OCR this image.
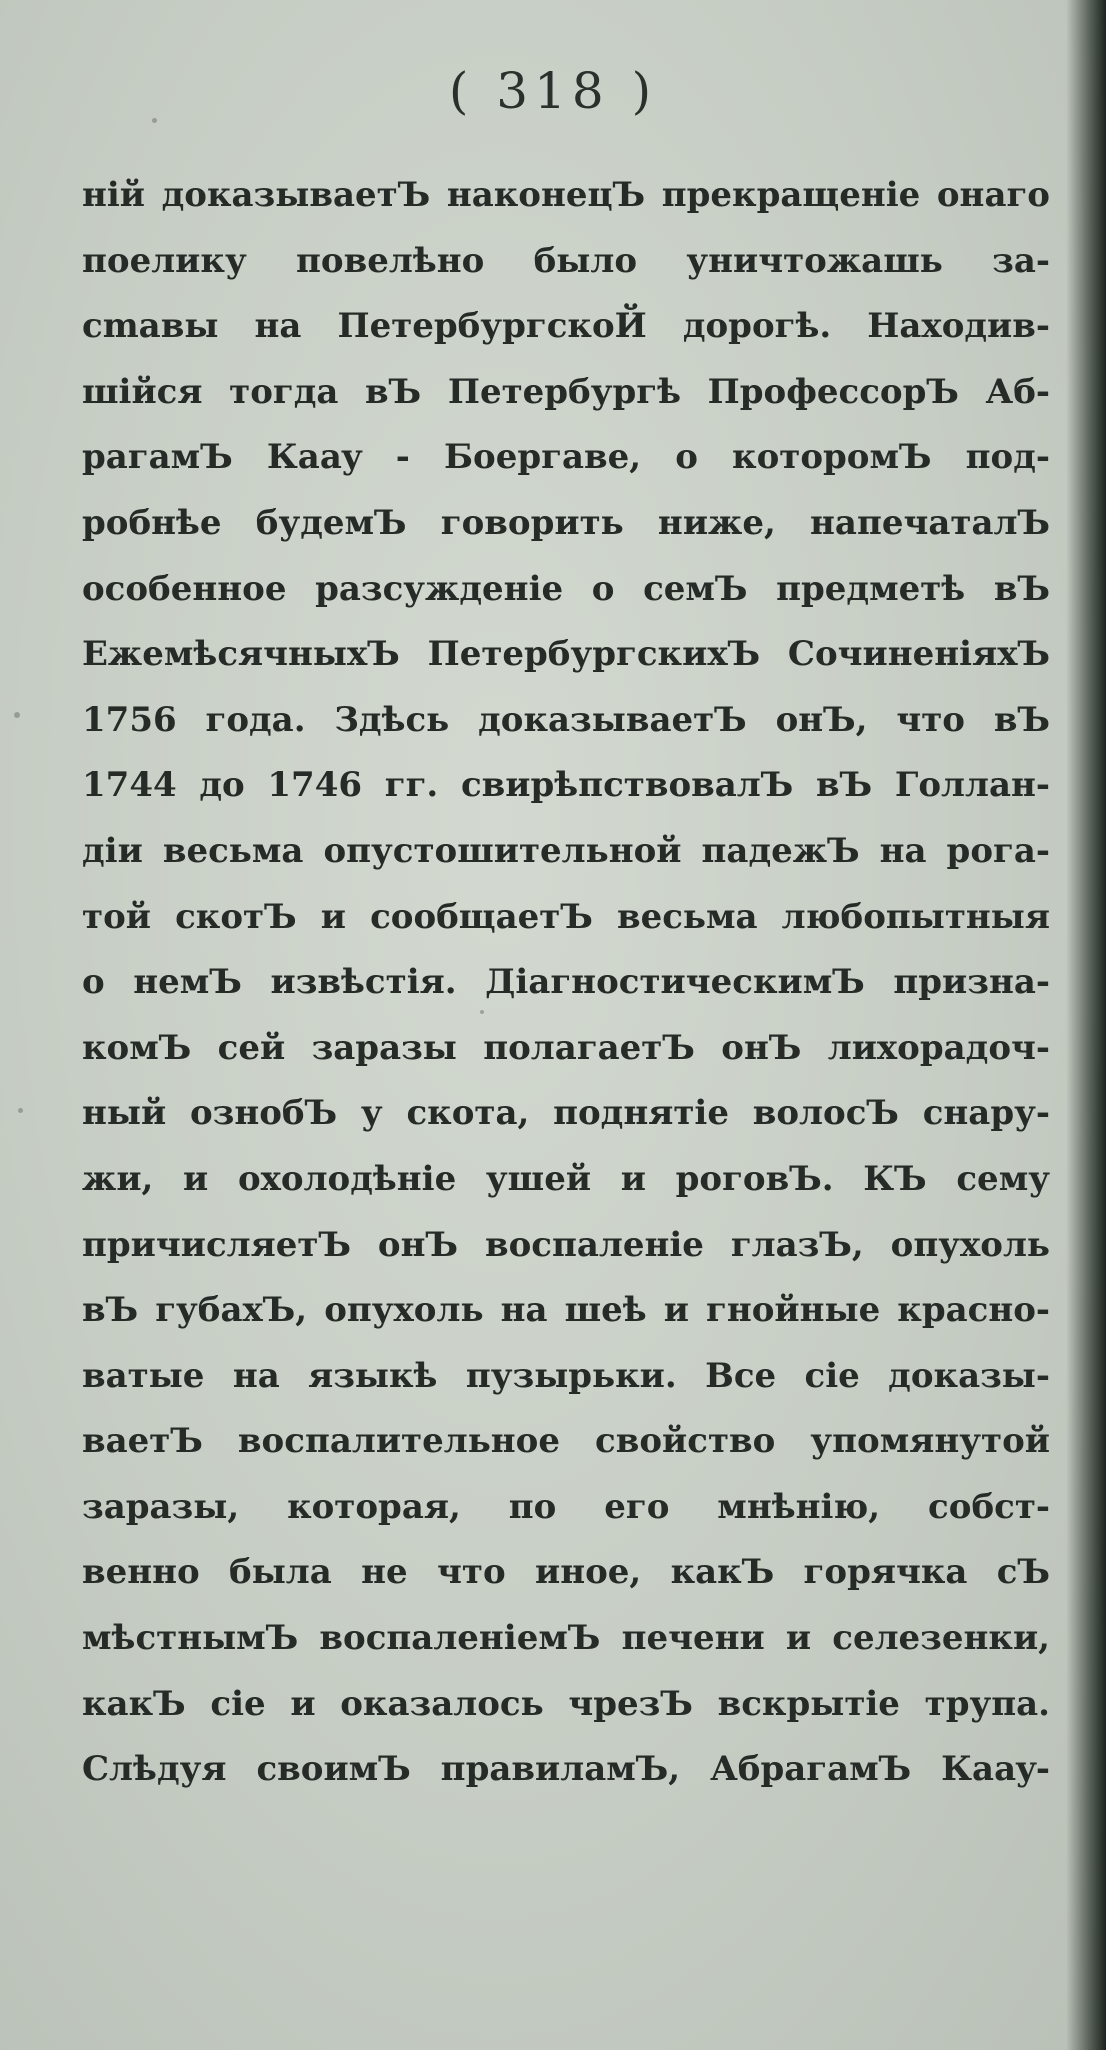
( 318 )
ній доказываетЪ наконецЪ прекращеніе онаго
поелику повелѣно было уничтожашь за-
сmавы на ПетербургскоЙ дорогѣ. Находив-
шійся тогда вЪ Петербургѣ ПрофессорЪ Аб-
рагамЪ Кааy - Боергаве, о которомЪ под-
робнѣе будемЪ говорить ниже, напечаталЪ
особенное разсужденіе о семЪ предметѣ вЪ
ЕжемѣсячныхЪ ПетербургскихЪ СочиненіяхЪ
1756 года. Здѣсь доказываетЪ онЪ, что вЪ
1744 до 1746 гг. свирѣпствовалЪ вЪ Голлан-
діи весьма опустошительной падежЪ на рога-
той скотЪ и сообщаетЪ весьма любопытныя
о немЪ извѣстія. ДіагностическимЪ призна-
комЪ сей заразы полагаетЪ онЪ лихорадоч-
ный ознобЪ у скота, поднятіе волосЪ снару-
жи, и охолодѣніе ушей и роговЪ. КЪ сему
причисляетЪ онЪ воспаленіе глазЪ, опухоль
вЪ губахЪ, опухоль на шеѣ и гнойные красно-
ватые на языкѣ пузырьки. Все сіе доказы-
ваетЪ воспалительное свойство упомянутой
заразы, которая, по его мнѣнію, собст-
венно была не что иное, какЪ горячка сЪ
мѣстнымЪ воспаленіемЪ печени и селезенки,
какЪ сіе и оказалось чрезЪ вскрытіе трупа.
Слѣдуя своимЪ правиламЪ, АбрагамЪ Кааy-
